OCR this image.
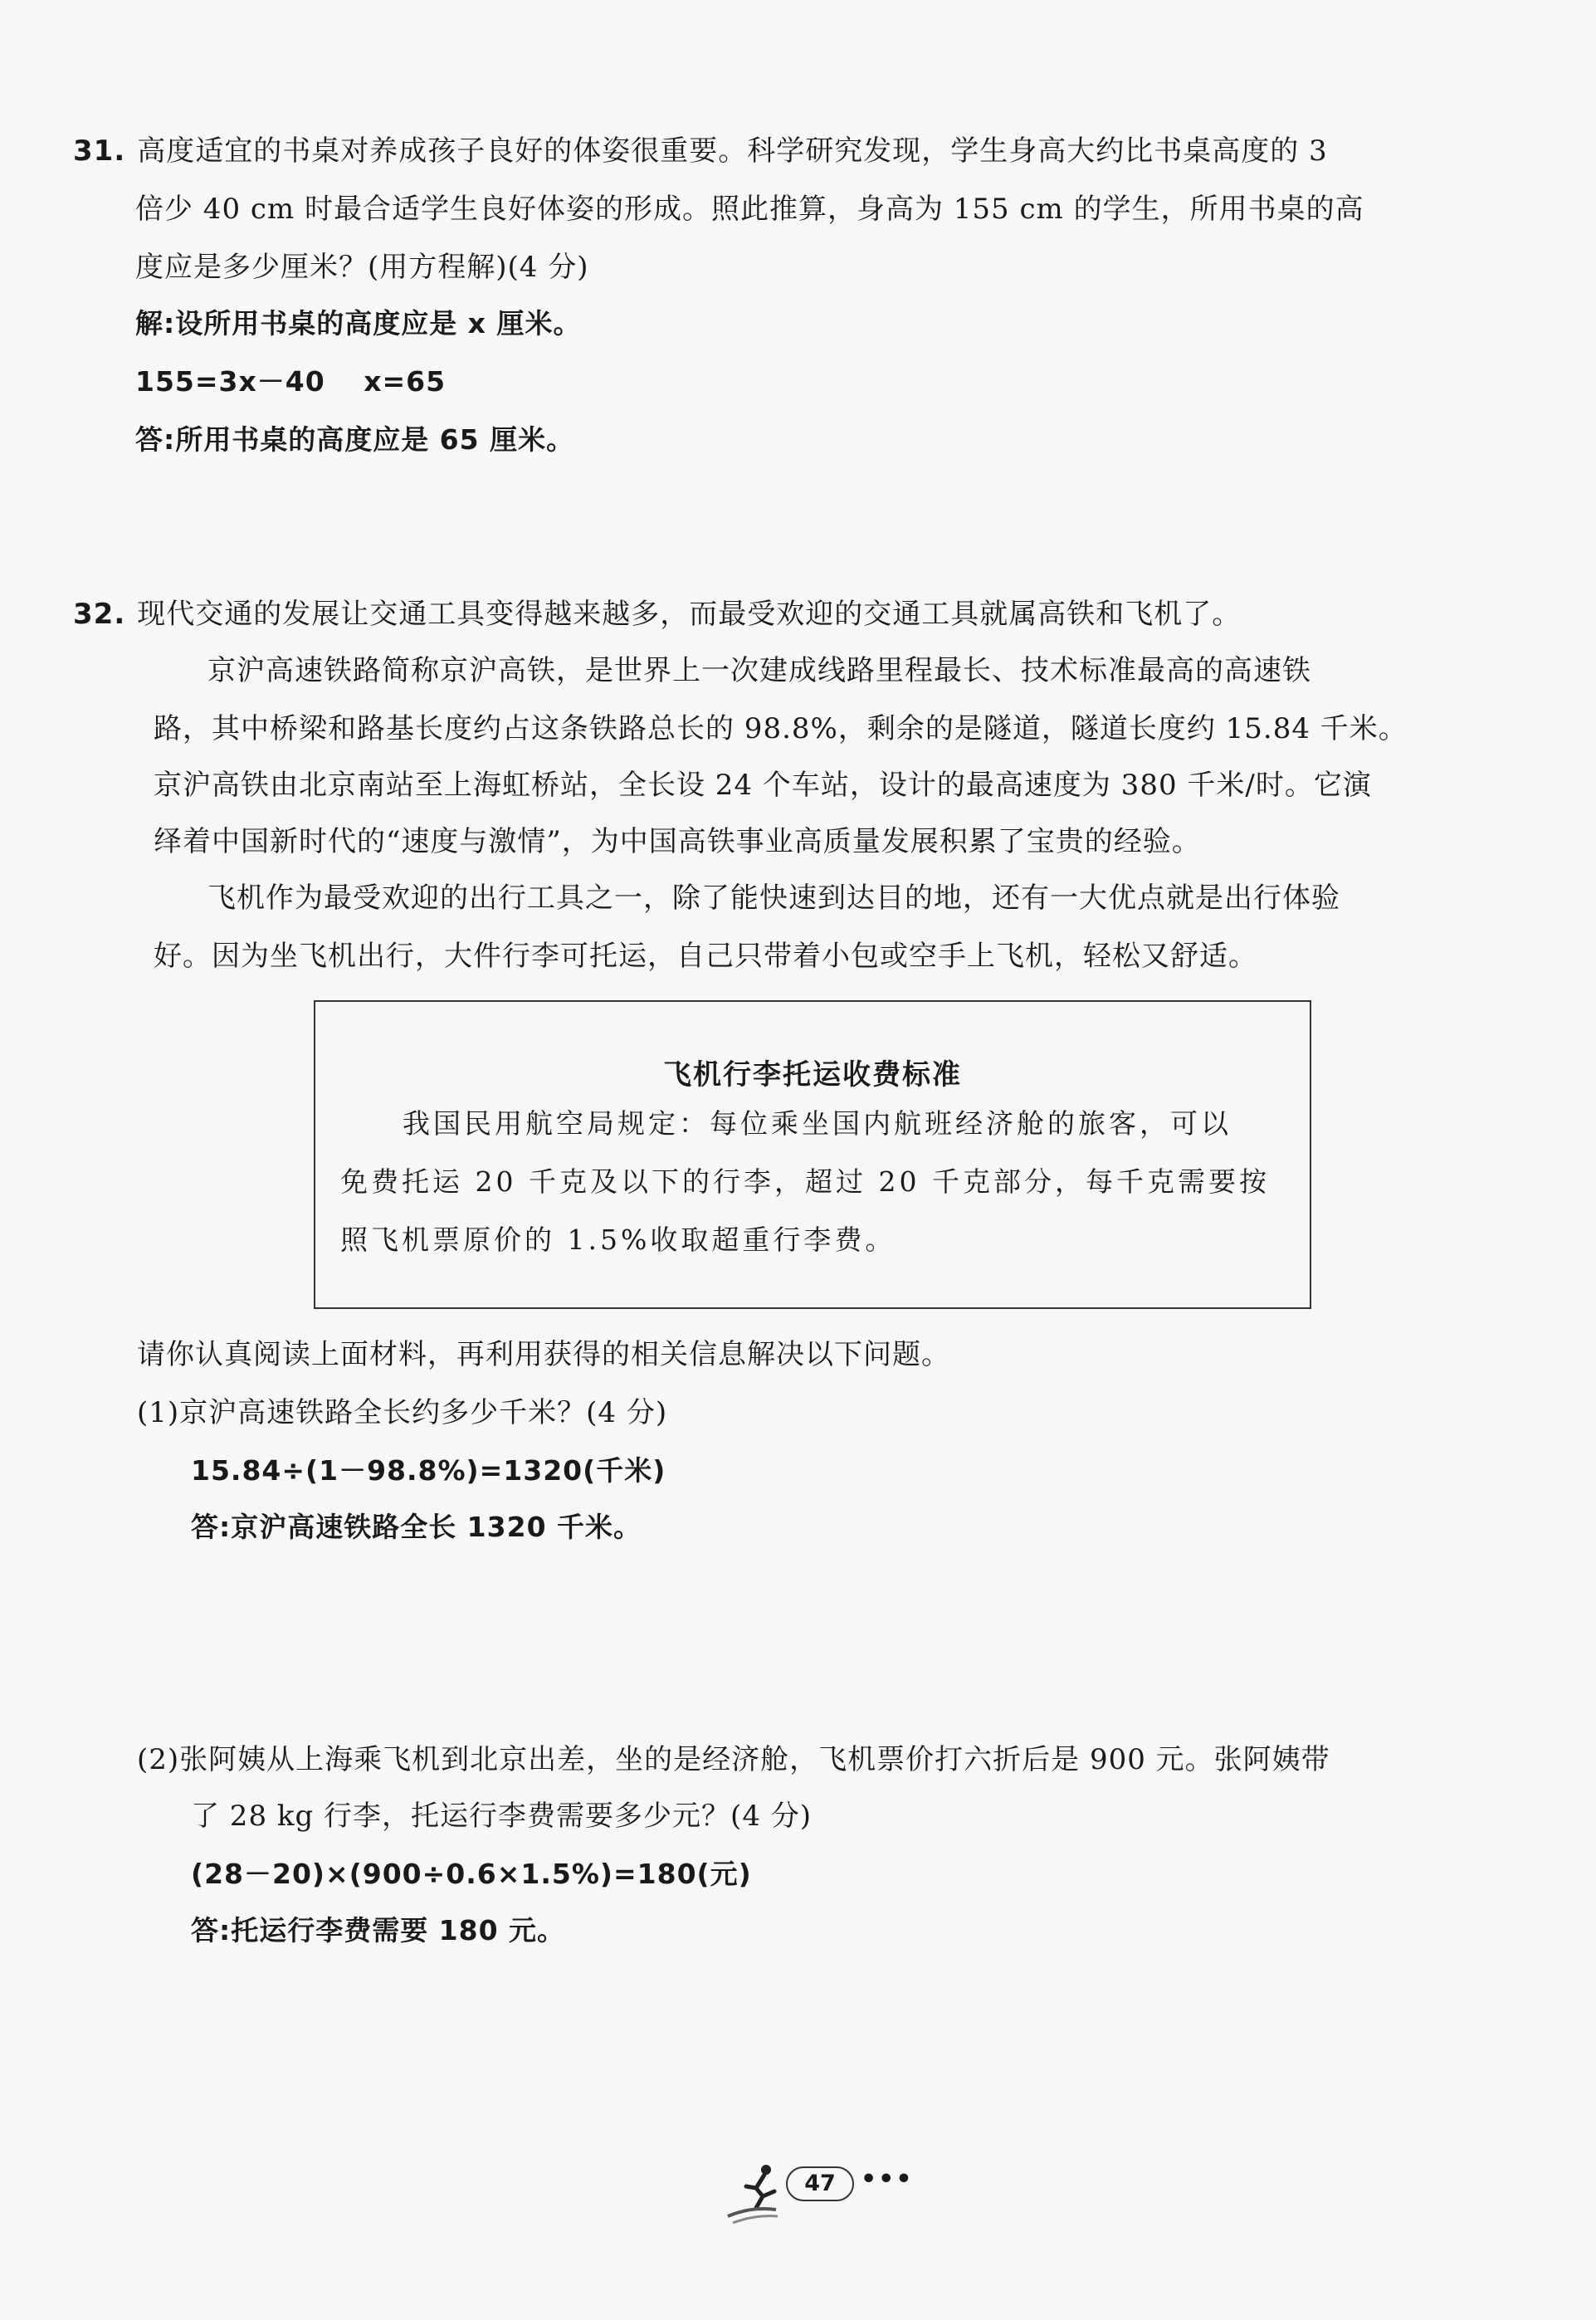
31. 高度适宜的书桌对养成孩子良好的体姿很重要。科学研究发现，学生身高大约比书桌高度的 3
倍少 40 cm 时最合适学生良好体姿的形成。照此推算，身高为 155 cm 的学生，所用书桌的高
度应是多少厘米？(用方程解)(4 分)
解:设所用书桌的高度应是 x 厘米。
155=3x－40　 x=65
答:所用书桌的高度应是 65 厘米。
32. 现代交通的发展让交通工具变得越来越多，而最受欢迎的交通工具就属高铁和飞机了。
京沪高速铁路简称京沪高铁，是世界上一次建成线路里程最长、技术标准最高的高速铁
路，其中桥梁和路基长度约占这条铁路总长的 98.8%，剩余的是隧道，隧道长度约 15.84 千米。
京沪高铁由北京南站至上海虹桥站，全长设 24 个车站，设计的最高速度为 380 千米/时。它演
绎着中国新时代的“速度与激情”，为中国高铁事业高质量发展积累了宝贵的经验。
飞机作为最受欢迎的出行工具之一，除了能快速到达目的地，还有一大优点就是出行体验
好。因为坐飞机出行，大件行李可托运，自己只带着小包或空手上飞机，轻松又舒适。
飞机行李托运收费标准
我国民用航空局规定：每位乘坐国内航班经济舱的旅客，可以
免费托运 20 千克及以下的行李，超过 20 千克部分，每千克需要按
照飞机票原价的 1.5%收取超重行李费。
请你认真阅读上面材料，再利用获得的相关信息解决以下问题。
(1)京沪高速铁路全长约多少千米？(4 分)
15.84÷(1－98.8%)=1320(千米)
答:京沪高速铁路全长 1320 千米。
(2)张阿姨从上海乘飞机到北京出差，坐的是经济舱，飞机票价打六折后是 900 元。张阿姨带
了 28 kg 行李，托运行李费需要多少元？(4 分)
(28－20)×(900÷0.6×1.5%)=180(元)
答:托运行李费需要 180 元。
47	•••
